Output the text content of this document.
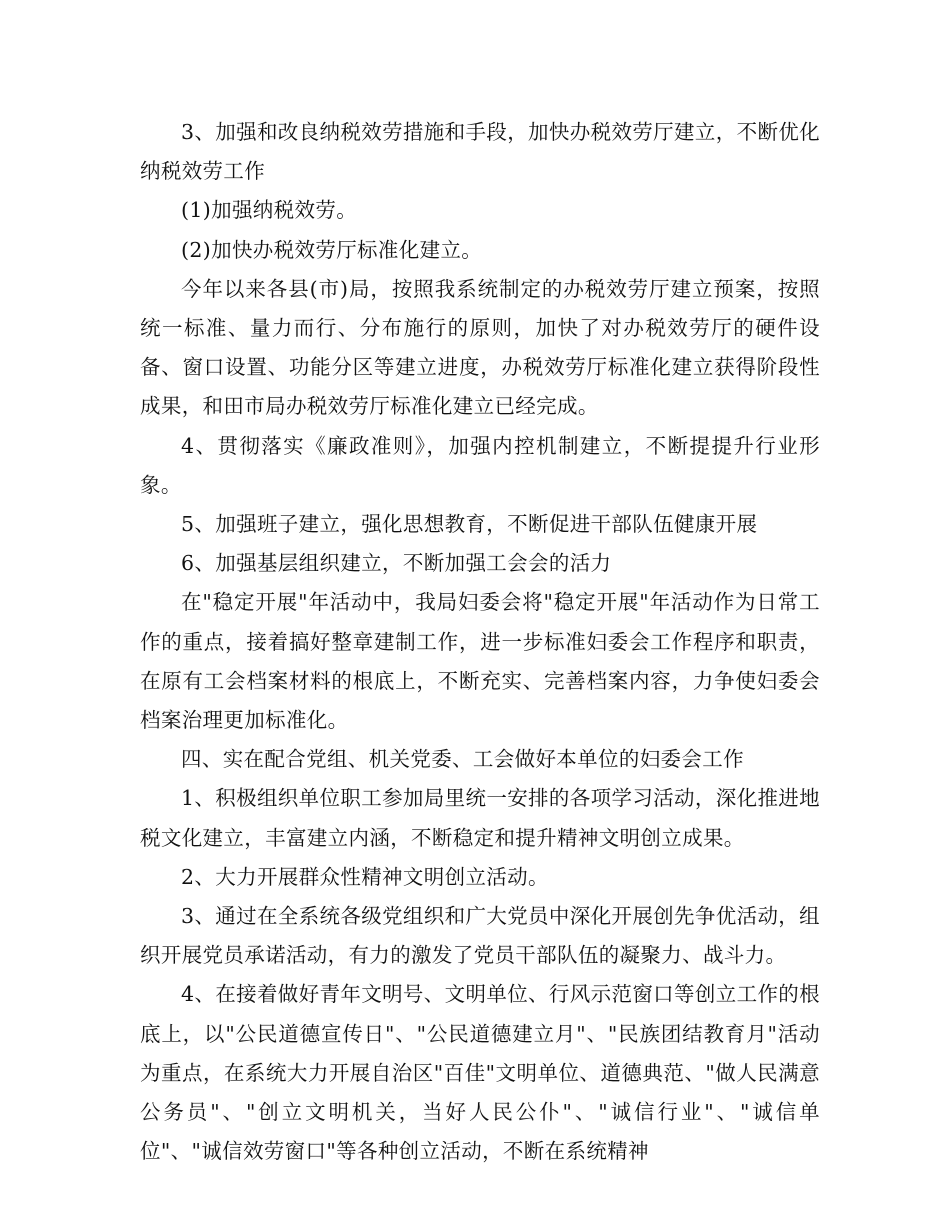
3、加强和改良纳税效劳措施和手段，加快办税效劳厅建立，不断优化纳税效劳工作

(1)加强纳税效劳。

(2)加快办税效劳厅标准化建立。

今年以来各县(市)局，按照我系统制定的办税效劳厅建立预案，按照统一标准、量力而行、分布施行的原则，加快了对办税效劳厅的硬件设备、窗口设置、功能分区等建立进度，办税效劳厅标准化建立获得阶段性成果，和田市局办税效劳厅标准化建立已经完成。

4、贯彻落实《廉政准则》，加强内控机制建立，不断提提升行业形象。

5、加强班子建立，强化思想教育，不断促进干部队伍健康开展

6、加强基层组织建立，不断加强工会会的活力

在"稳定开展"年活动中，我局妇委会将"稳定开展"年活动作为日常工作的重点，接着搞好整章建制工作，进一步标准妇委会工作程序和职责，在原有工会档案材料的根底上，不断充实、完善档案内容，力争使妇委会档案治理更加标准化。

四、实在配合党组、机关党委、工会做好本单位的妇委会工作

1、积极组织单位职工参加局里统一安排的各项学习活动，深化推进地税文化建立，丰富建立内涵，不断稳定和提升精神文明创立成果。

2、大力开展群众性精神文明创立活动。

3、通过在全系统各级党组织和广大党员中深化开展创先争优活动，组织开展党员承诺活动，有力的激发了党员干部队伍的凝聚力、战斗力。

4、在接着做好青年文明号、文明单位、行风示范窗口等创立工作的根底上，以"公民道德宣传日"、"公民道德建立月"、"民族团结教育月"活动为重点，在系统大力开展自治区"百佳"文明单位、道德典范、"做人民满意公务员"、"创立文明机关，当好人民公仆"、"诚信行业"、"诚信单位"、"诚信效劳窗口"等各种创立活动，不断在系统精神
